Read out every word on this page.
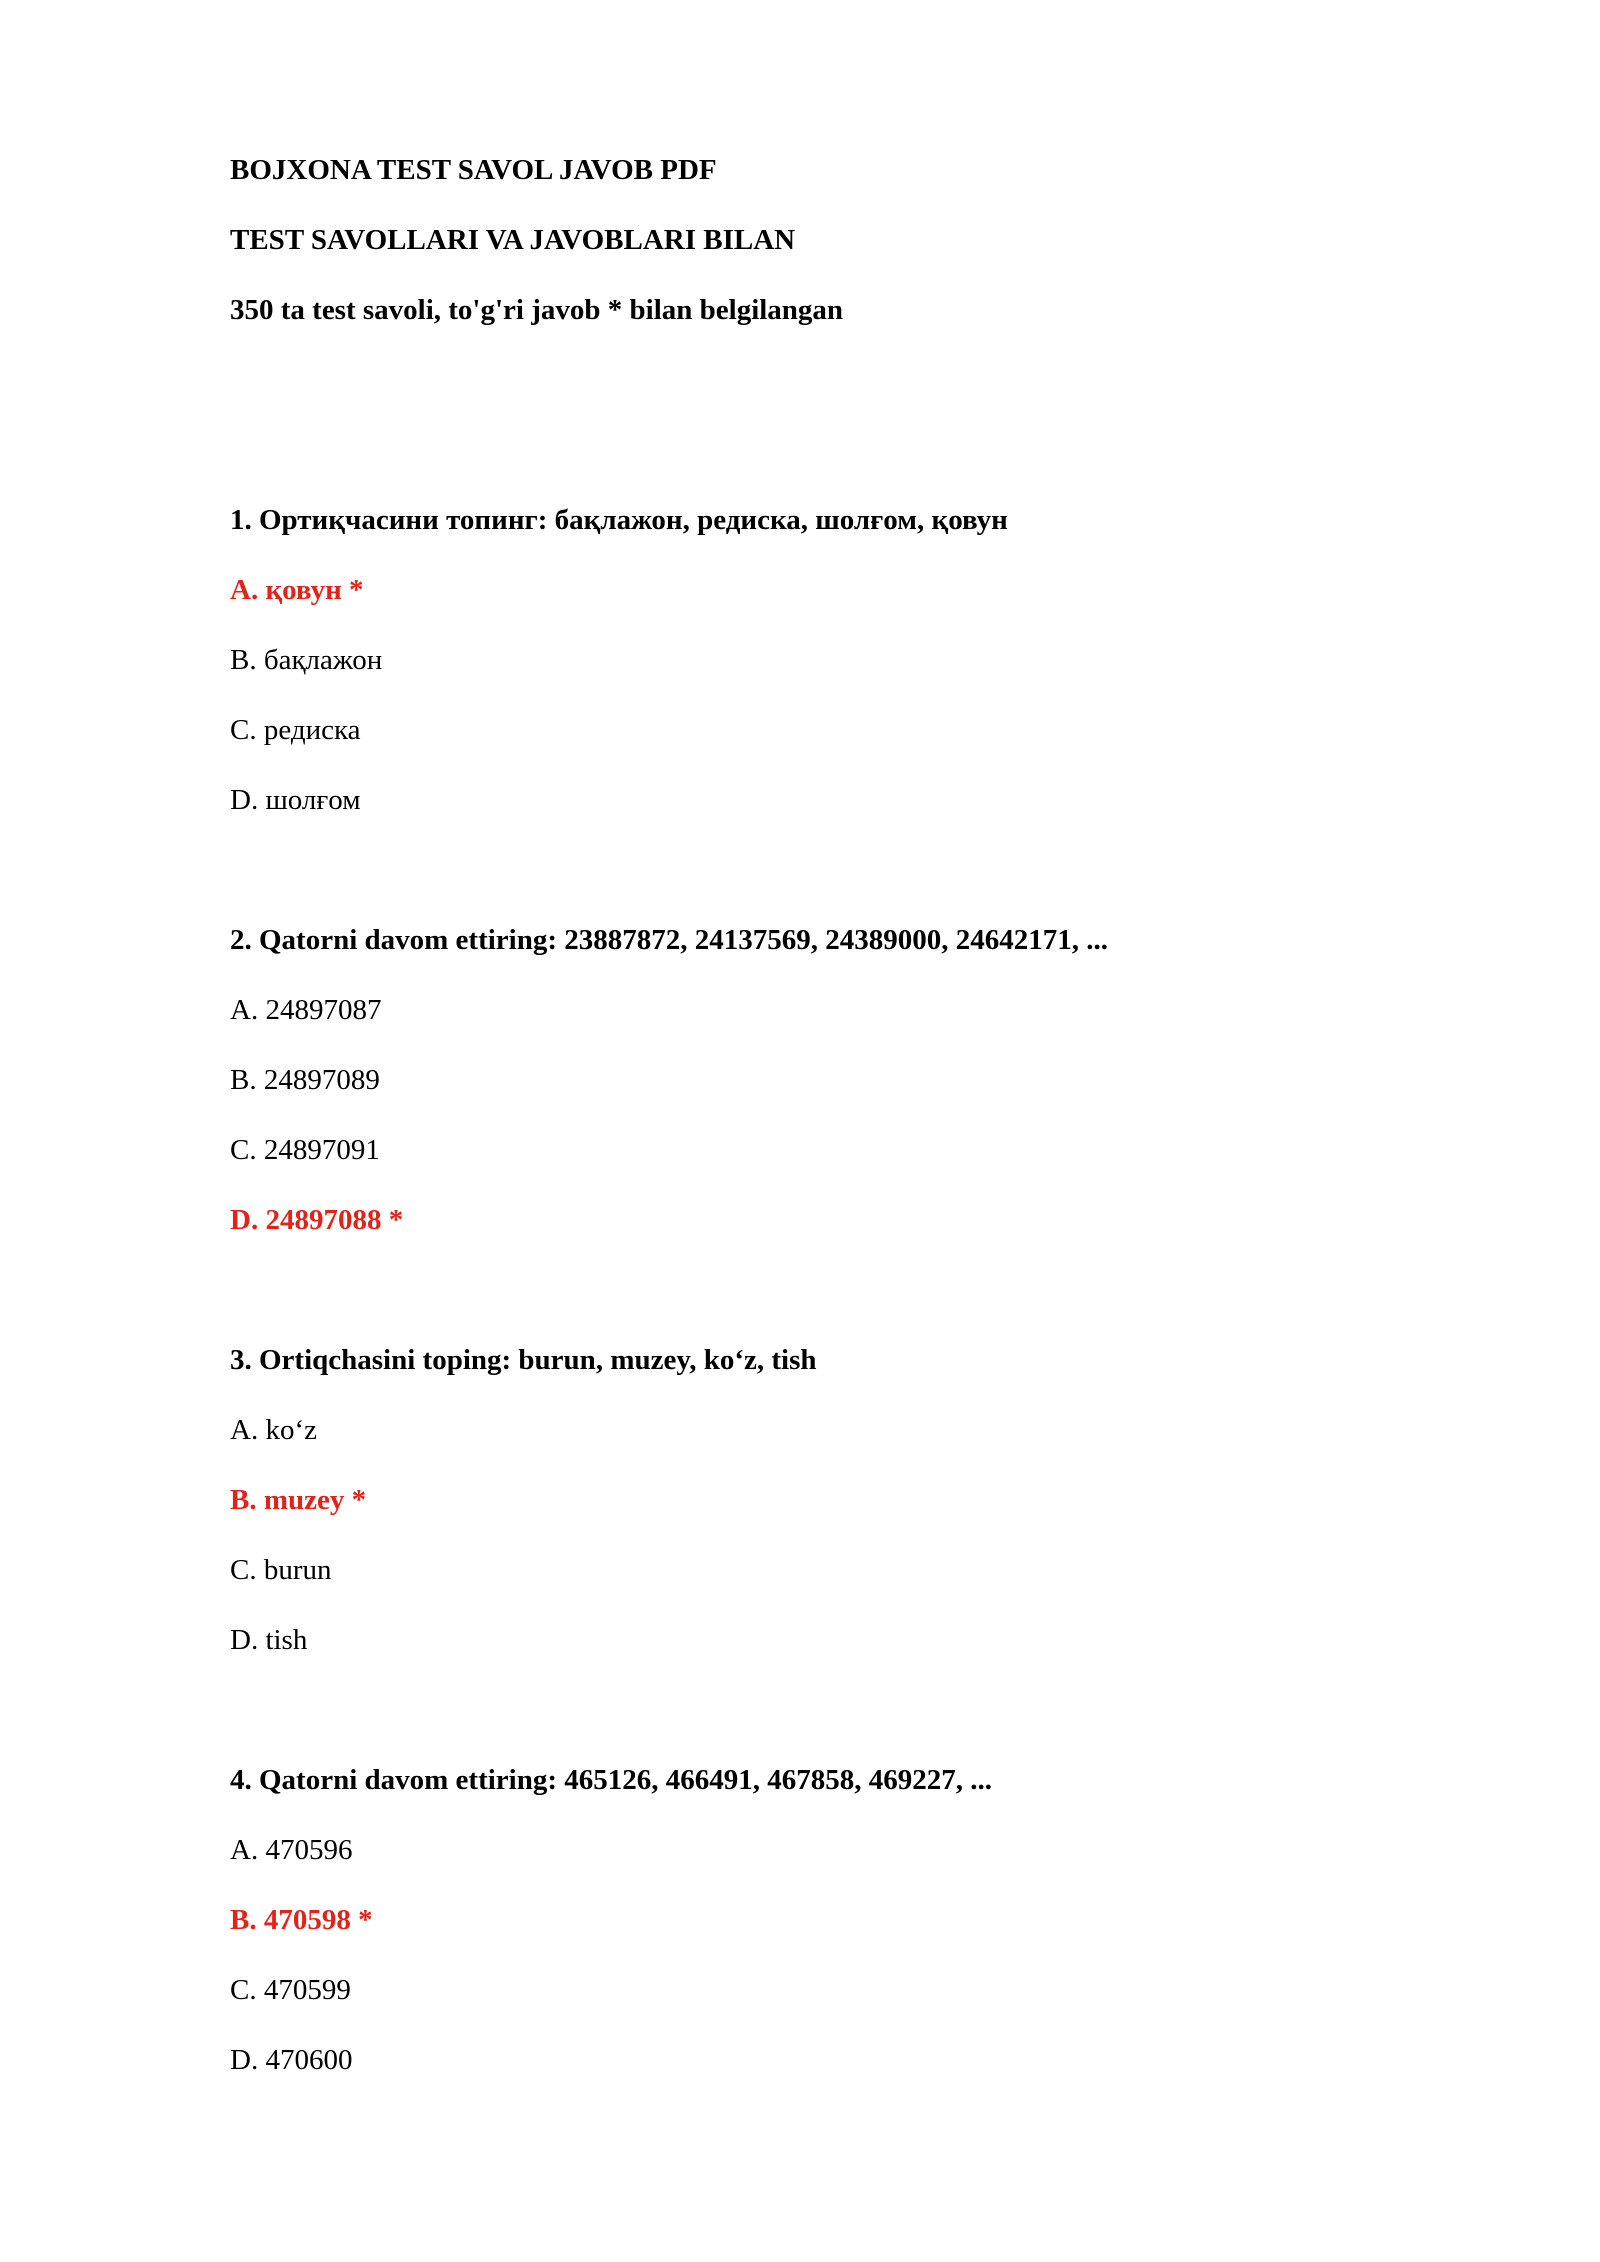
BOJXONA TEST SAVOL JAVOB PDF
TEST SAVOLLARI VA JAVOBLARI BILAN
350 ta test savoli, to'g'ri javob * bilan belgilangan
1. Ортиқчасини топинг: бақлажон, редиска, шолғом, қовун
A. қовун *
B. бақлажон
C. редиска
D. шолғом
2. Qatorni davom ettiring: 23887872, 24137569, 24389000, 24642171, ...
A. 24897087
B. 24897089
C. 24897091
D. 24897088 *
3. Ortiqchasini toping: burun, muzey, ko‘z, tish
A. ko‘z
B. muzey *
C. burun
D. tish
4. Qatorni davom ettiring: 465126, 466491, 467858, 469227, ...
A. 470596
B. 470598 *
C. 470599
D. 470600
